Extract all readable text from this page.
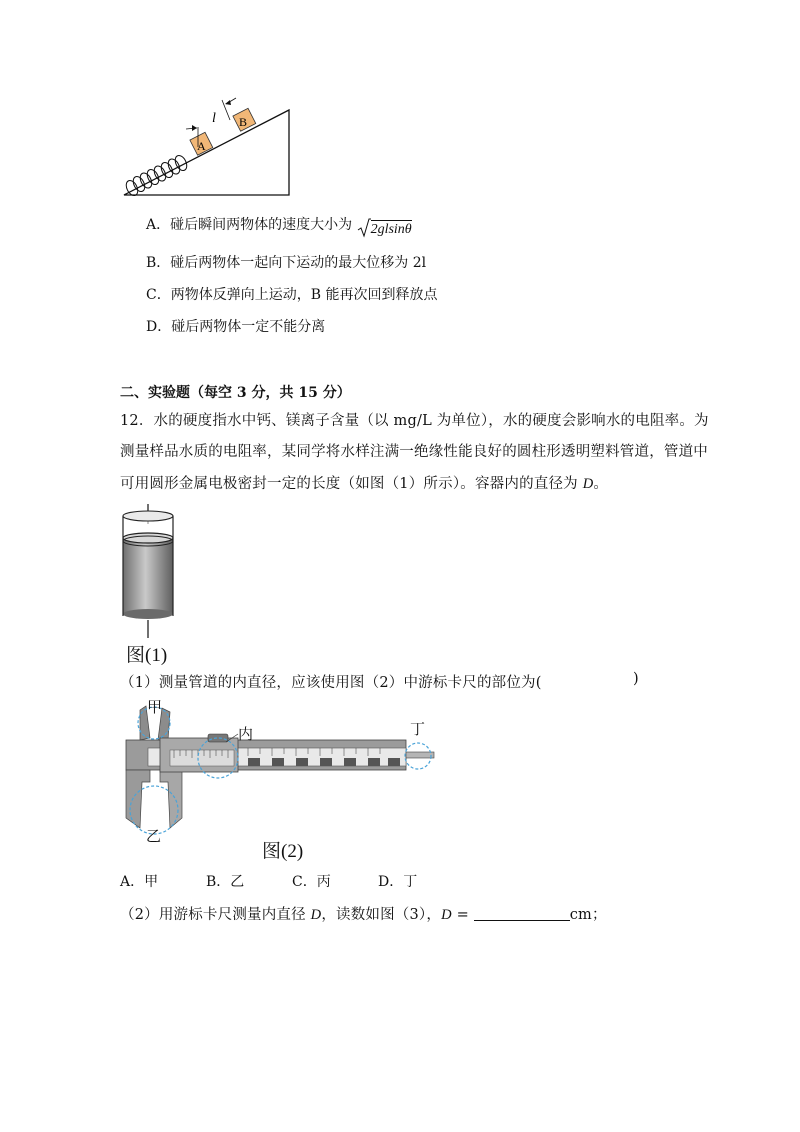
A
B
l
A．碰后瞬间两物体的速度大小为 2glsinθ
B．碰后两物体一起向下运动的最大位移为 2l
C．两物体反弹向上运动，B 能再次回到释放点
D．碰后两物体一定不能分离
二、实验题（每空 3 分，共 15 分）
12．水的硬度指水中钙、镁离子含量（以 mg/L 为单位），水的硬度会影响水的电阻率。为
测量样品水质的电阻率，某同学将水样注满一绝缘性能良好的圆柱形透明塑料管道，管道中
可用圆形金属电极密封一定的长度（如图（1）所示）。容器内的直径为 D。
图(1)
（1）测量管道的内直径，应该使用图（2）中游标卡尺的部位为(	)
甲
内	丁
乙
图(2)
A．甲	B．乙	C．丙	D．丁
（2）用游标卡尺测量内直径 D，读数如图（3），D =	cm；
